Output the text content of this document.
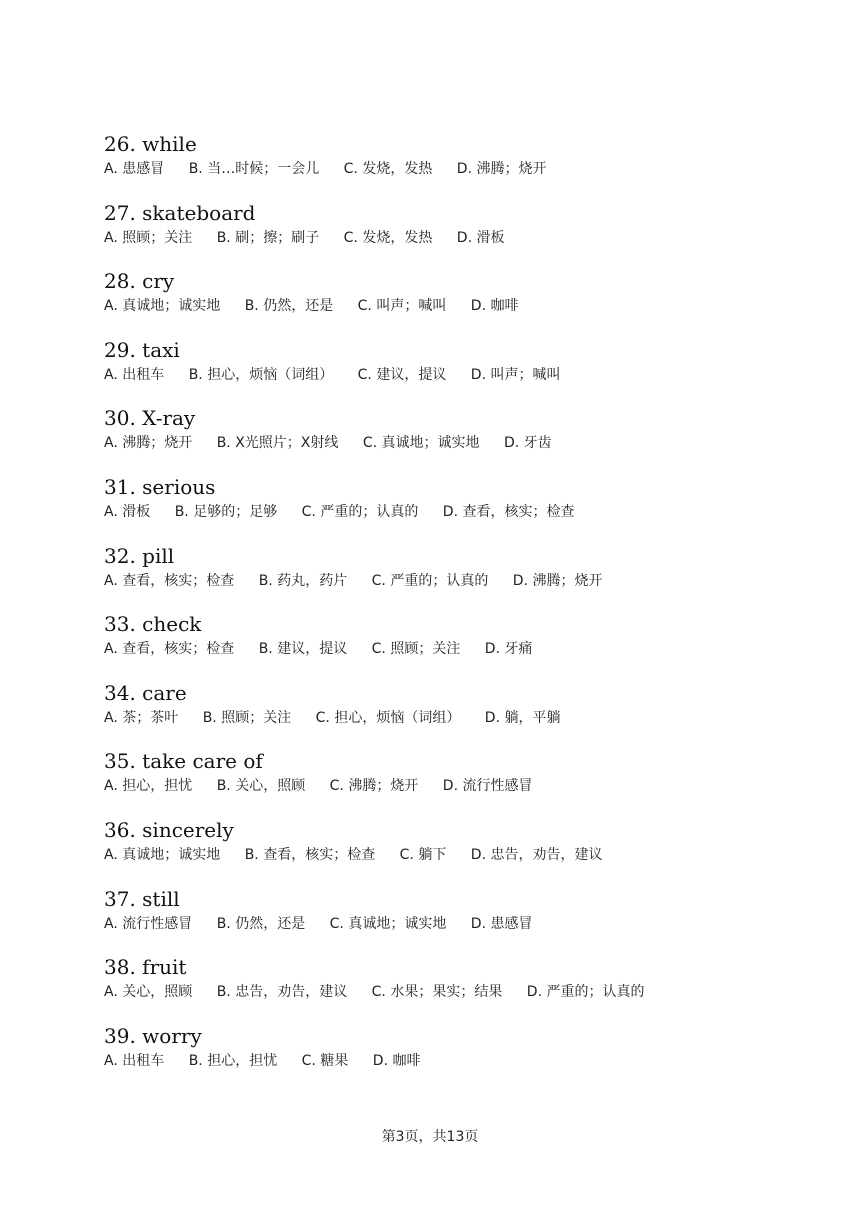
26. while
A. 患感冒 B. 当…时候；一会儿 C. 发烧，发热 D. 沸腾；烧开
27. skateboard
A. 照顾；关注 B. 刷；擦；刷子 C. 发烧，发热 D. 滑板
28. cry
A. 真诚地；诚实地 B. 仍然，还是 C. 叫声；喊叫 D. 咖啡
29. taxi
A. 出租车 B. 担心，烦恼（词组） C. 建议，提议 D. 叫声；喊叫
30. X-ray
A. 沸腾；烧开 B. X光照片；X射线 C. 真诚地；诚实地 D. 牙齿
31. serious
A. 滑板 B. 足够的；足够 C. 严重的；认真的 D. 查看，核实；检查
32. pill
A. 查看，核实；检查 B. 药丸，药片 C. 严重的；认真的 D. 沸腾；烧开
33. check
A. 查看，核实；检查 B. 建议，提议 C. 照顾；关注 D. 牙痛
34. care
A. 茶；茶叶 B. 照顾；关注 C. 担心，烦恼（词组） D. 躺，平躺
35. take care of
A. 担心，担忧 B. 关心，照顾 C. 沸腾；烧开 D. 流行性感冒
36. sincerely
A. 真诚地；诚实地 B. 查看，核实；检查 C. 躺下 D. 忠告，劝告，建议
37. still
A. 流行性感冒 B. 仍然，还是 C. 真诚地；诚实地 D. 患感冒
38. fruit
A. 关心，照顾 B. 忠告，劝告，建议 C. 水果；果实；结果 D. 严重的；认真的
39. worry
A. 出租车 B. 担心，担忧 C. 糖果 D. 咖啡
第3页，共13页
